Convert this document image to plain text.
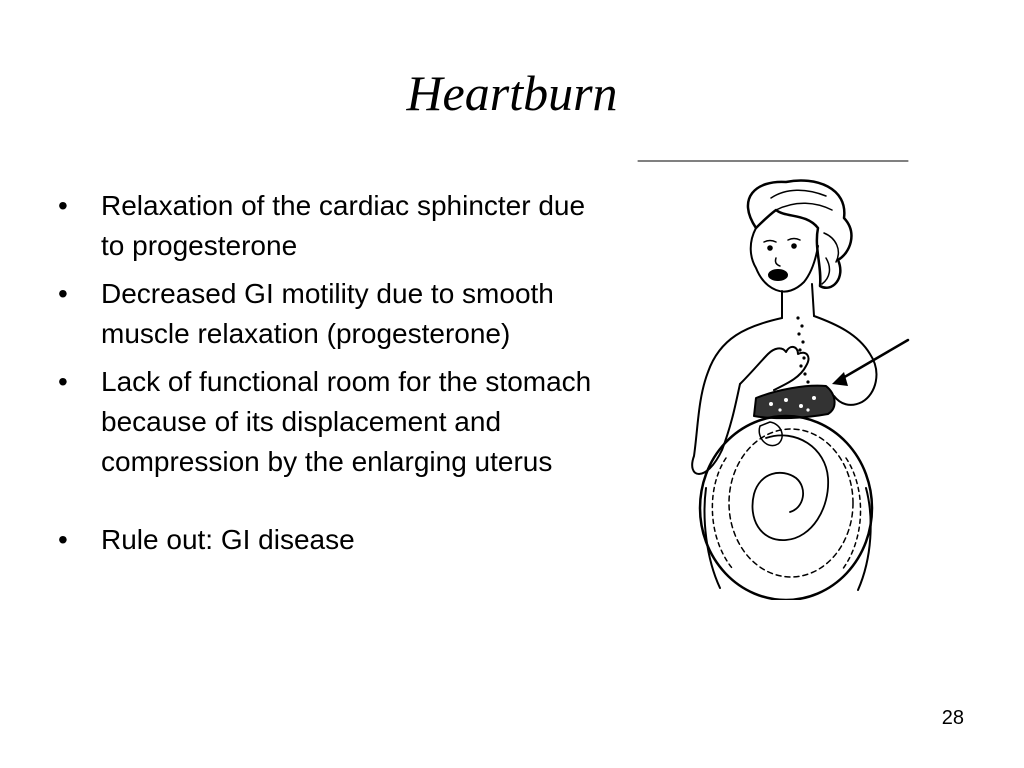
Heartburn
• Relaxation of the cardiac sphincter due to progesterone
• Decreased GI motility due to smooth muscle relaxation (progesterone)
• Lack of functional room for the stomach because of its displacement and compression by the enlarging uterus
• Rule out: GI disease
28
